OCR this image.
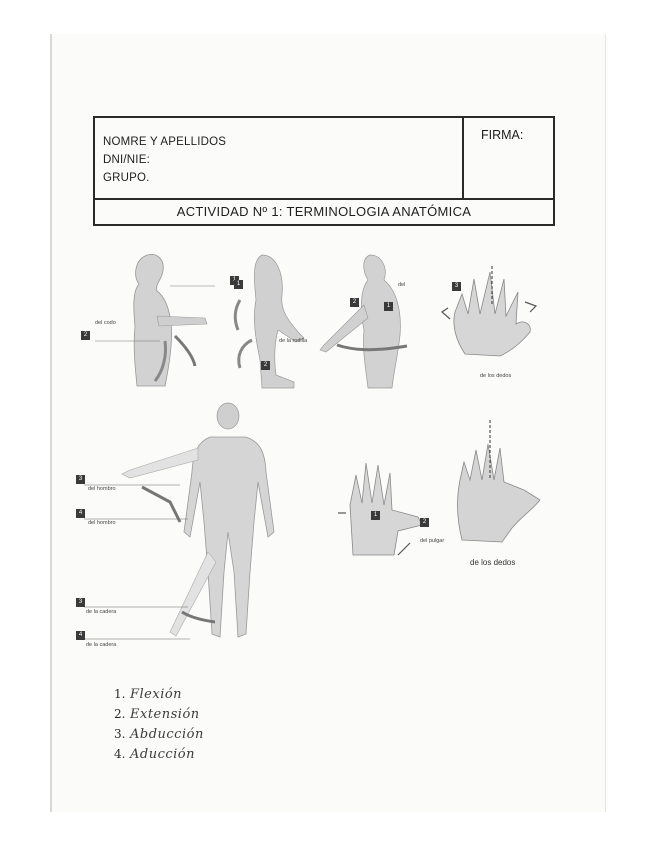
NOMRE Y APELLIDOS
DNI/NIE:
GRUPO.
FIRMA:
ACTIVIDAD Nº 1: TERMINOLOGIA ANATÓMICA
2
del codo
1
2
de la rodilla
2
1
del	3
de los dedos
3
del hombro
4
del hombro
3
de la cadera
4
de la cadera
1
2
del pulgar
de los dedos
1. Flexión
2. Extensión
3. Abducción
4. Aducción
